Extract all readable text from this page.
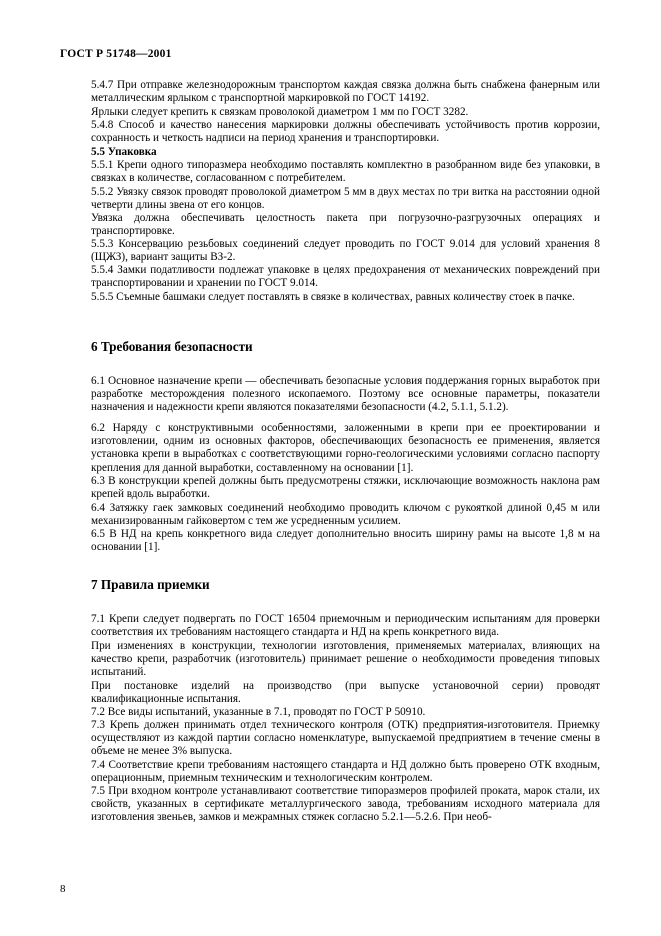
ГОСТ Р 51748—2001
5.4.7 При отправке железнодорожным транспортом каждая связка должна быть снабжена фанерным или металлическим ярлыком с транспортной маркировкой по ГОСТ 14192.
Ярлыки следует крепить к связкам проволокой диаметром 1 мм по ГОСТ 3282.
5.4.8 Способ и качество нанесения маркировки должны обеспечивать устойчивость против коррозии, сохранность и четкость надписи на период хранения и транспортировки.
5.5 Упаковка
5.5.1 Крепи одного типоразмера необходимо поставлять комплектно в разобранном виде без упаковки, в связках в количестве, согласованном с потребителем.
5.5.2 Увязку связок проводят проволокой диаметром 5 мм в двух местах по три витка на расстоянии одной четверти длины звена от его концов.
Увязка должна обеспечивать целостность пакета при погрузочно-разгрузочных операциях и транспортировке.
5.5.3 Консервацию резьбовых соединений следует проводить по ГОСТ 9.014 для условий хранения 8 (ЩЖЗ), вариант защиты ВЗ-2.
5.5.4 Замки податливости подлежат упаковке в целях предохранения от механических повреждений при транспортировании и хранении по ГОСТ 9.014.
5.5.5 Съемные башмаки следует поставлять в связке в количествах, равных количеству стоек в пачке.
6 Требования безопасности
6.1 Основное назначение крепи — обеспечивать безопасные условия поддержания горных выработок при разработке месторождения полезного ископаемого. Поэтому все основные параметры, показатели назначения и надежности крепи являются показателями безопасности (4.2, 5.1.1, 5.1.2).
6.2 Наряду с конструктивными особенностями, заложенными в крепи при ее проектировании и изготовлении, одним из основных факторов, обеспечивающих безопасность ее применения, является установка крепи в выработках с соответствующими горно-геологическими условиями согласно паспорту крепления для данной выработки, составленному на основании [1].
6.3 В конструкции крепей должны быть предусмотрены стяжки, исключающие возможность наклона рам крепей вдоль выработки.
6.4 Затяжку гаек замковых соединений необходимо проводить ключом с рукояткой длиной 0,45 м или механизированным гайковертом с тем же усредненным усилием.
6.5 В НД на крепь конкретного вида следует дополнительно вносить ширину рамы на высоте 1,8 м на основании [1].
7 Правила приемки
7.1 Крепи следует подвергать по ГОСТ 16504 приемочным и периодическим испытаниям для проверки соответствия их требованиям настоящего стандарта и НД на крепь конкретного вида.
При изменениях в конструкции, технологии изготовления, применяемых материалах, влияющих на качество крепи, разработчик (изготовитель) принимает решение о необходимости проведения типовых испытаний.
При постановке изделий на производство (при выпуске установочной серии) проводят квалификационные испытания.
7.2 Все виды испытаний, указанные в 7.1, проводят по ГОСТ Р 50910.
7.3 Крепь должен принимать отдел технического контроля (ОТК) предприятия-изготовителя. Приемку осуществляют из каждой партии согласно номенклатуре, выпускаемой предприятием в течение смены в объеме не менее 3% выпуска.
7.4 Соответствие крепи требованиям настоящего стандарта и НД должно быть проверено ОТК входным, операционным, приемным техническим и технологическим контролем.
7.5 При входном контроле устанавливают соответствие типоразмеров профилей проката, марок стали, их свойств, указанных в сертификате металлургического завода, требованиям исходного материала для изготовления звеньев, замков и межрамных стяжек согласно 5.2.1—5.2.6. При необ-
8
